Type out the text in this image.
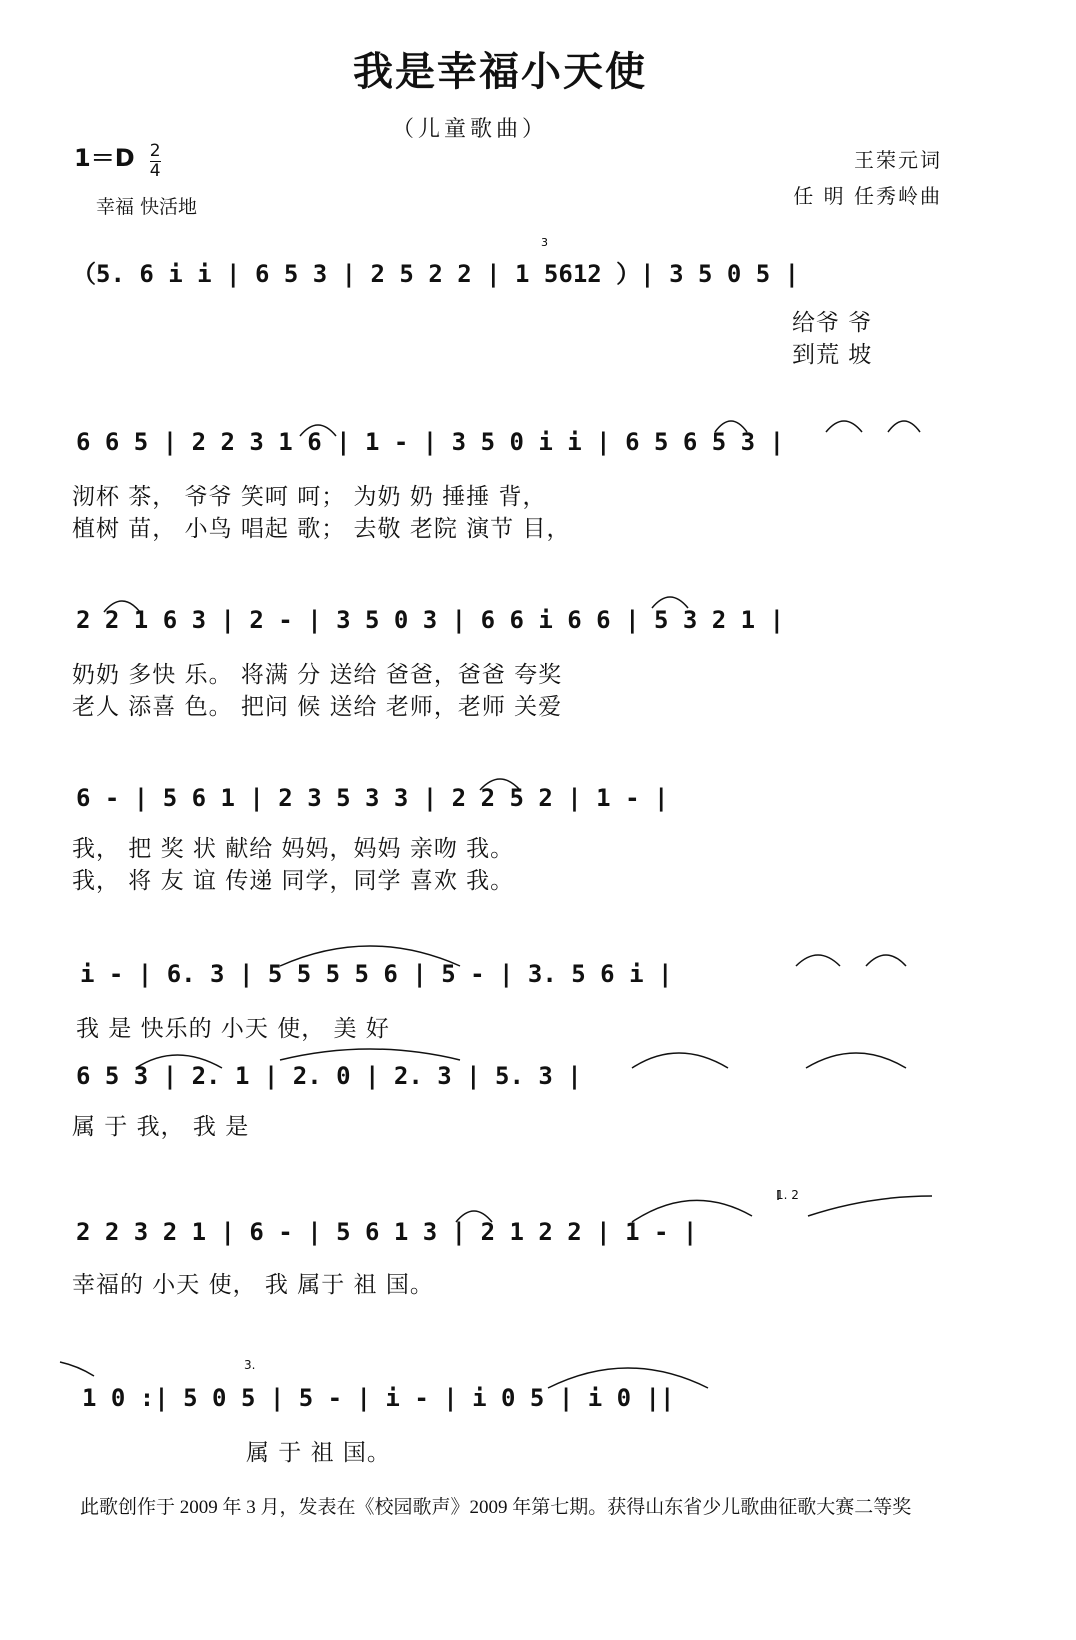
我是幸福小天使
（儿童歌曲）
$1=D \frac{2}{4}$
幸福 快活地
王荣元词
任 明 任秀岭曲
（5. 6 i i | 6 5 3 | 2 5 2 2 | 1 5612 ）| 3 5 0 5 |
给爷 爷
到荒 坡
6 6 5 | 2 2 3 1 6 | 1 - | 3 5 0 i i | 6 5 6 5 3 |
沏杯 茶， 爷爷 笑呵 呵； 为奶 奶 捶捶 背，
植树 苗， 小鸟 唱起 歌； 去敬 老院 演节 目，
2 2 1 6 3 | 2 - | 3 5 0 3 | 6 6 i 6 6 | 5 3 2 1 |
奶奶 多快 乐。 将满 分 送给 爸爸，爸爸 夸奖
老人 添喜 色。 把问 候 送给 老师，老师 关爱
6 - | 5 6 1 | 2 3 5 3 3 | 2 2 5 2 | 1 - |
我， 把 奖 状 献给 妈妈，妈妈 亲吻 我。
我， 将 友 谊 传递 同学，同学 喜欢 我。
i - | 6. 3 | 5 5 5 5 6 | 5 - | 3. 5 6 i |
我 是 快乐的 小天 使， 美 好
6 5 3 | 2. 1 | 2. 0 | 2. 3 | 5. 3 |
属 于 我， 我 是
1. 2
2 2 3 2 1 | 6 - | 5 6 1 3 | 2 1 2 2 | 1 - |
幸福的 小天 使， 我 属于 祖 国。
3.
1 0 :| 5 0 5 | 5 - | i - | i 0 5 | i 0 ||
属 于 祖 国。
此歌创作于 2009 年 3 月，发表在《校园歌声》2009 年第七期。获得山东省少儿歌曲征歌大赛二等奖
3
